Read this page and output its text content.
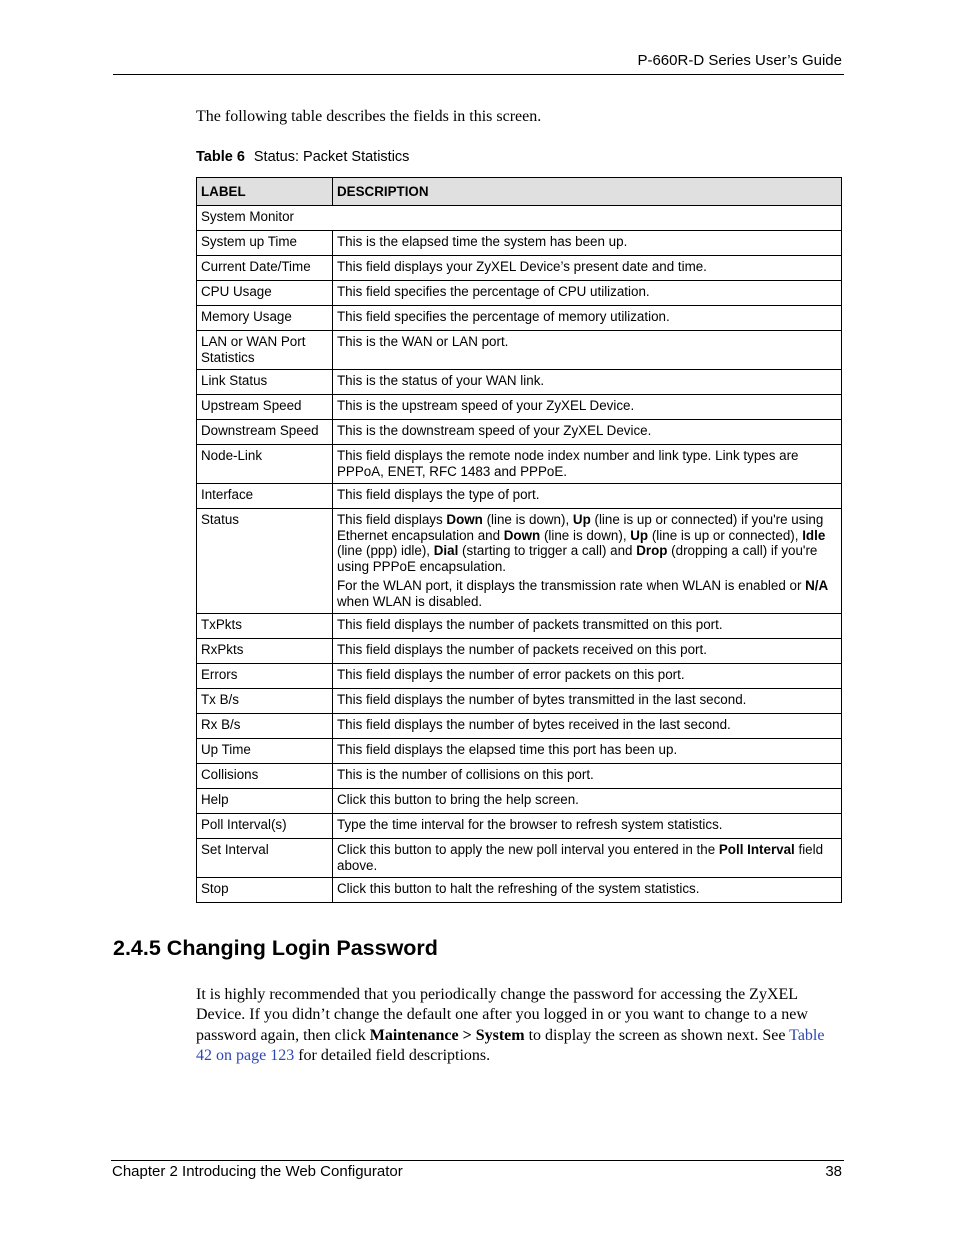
P-660R-D Series User’s Guide
The following table describes the fields in this screen.
Table 6 Status: Packet Statistics
LABEL	DESCRIPTION
System Monitor	
System up Time	This is the elapsed time the system has been up.
Current Date/Time	This field displays your ZyXEL Device’s present date and time.
CPU Usage	This field specifies the percentage of CPU utilization.
Memory Usage	This field specifies the percentage of memory utilization.
LAN or WAN Port Statistics	This is the WAN or LAN port.
Link Status	This is the status of your WAN link.
Upstream Speed	This is the upstream speed of your ZyXEL Device.
Downstream Speed	This is the downstream speed of your ZyXEL Device.
Node-Link	This field displays the remote node index number and link type. Link types are PPPoA, ENET, RFC 1483 and PPPoE.
Interface	This field displays the type of port.
Status	This field displays Down (line is down), Up (line is up or connected) if you're using Ethernet encapsulation and Down (line is down), Up (line is up or connected), Idle (line (ppp) idle), Dial (starting to trigger a call) and Drop (dropping a call) if you're using PPPoE encapsulation.

For the WLAN port, it displays the transmission rate when WLAN is enabled or N/A when WLAN is disabled.

TxPkts	This field displays the number of packets transmitted on this port.
RxPkts	This field displays the number of packets received on this port.
Errors	This field displays the number of error packets on this port.
Tx B/s	This field displays the number of bytes transmitted in the last second.
Rx B/s	This field displays the number of bytes received in the last second.
Up Time	This field displays the elapsed time this port has been up.
Collisions	This is the number of collisions on this port.
Help	Click this button to bring the help screen.
Poll Interval(s)	Type the time interval for the browser to refresh system statistics.
Set Interval	Click this button to apply the new poll interval you entered in the Poll Interval field above.
Stop	Click this button to halt the refreshing of the system statistics.
2.4.5 Changing Login Password
It is highly recommended that you periodically change the password for accessing the ZyXEL Device. If you didn’t change the default one after you logged in or you want to change to a new password again, then click Maintenance > System to display the screen as shown next. See Table 42 on page 123 for detailed field descriptions.
Chapter 2 Introducing the Web Configurator	38
